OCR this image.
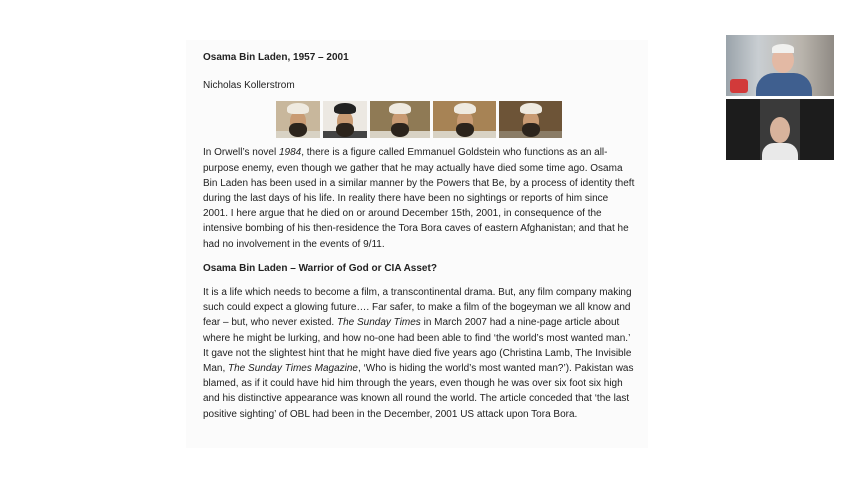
Osama Bin Laden, 1957 – 2001

Nicholas Kollerstrom

In Orwell’s novel 1984, there is a figure called Emmanuel Goldstein who functions as an all-purpose enemy, even though we gather that he may actually have died some time ago. Osama Bin Laden has been used in a similar manner by the Powers that Be, by a process of identity theft during the last days of his life. In reality there have been no sightings or reports of him since 2001. I here argue that he died on or around December 15th, 2001, in consequence of the intensive bombing of his then-residence the Tora Bora caves of eastern Afghanistan; and that he had no involvement in the events of 9/11.

Osama Bin Laden – Warrior of God or CIA Asset?

It is a life which needs to become a film, a transcontinental drama. But, any film company making such could expect a glowing future…. Far safer, to make a film of the bogeyman we all know and fear – but, who never existed. The Sunday Times in March 2007 had a nine-page article about where he might be lurking, and how no-one had been able to find ‘the world’s most wanted man.’ It gave not the slightest hint that he might have died five years ago (Christina Lamb, The Invisible Man, The Sunday Times Magazine, ‘Who is hiding the world’s most wanted man?’). Pakistan was blamed, as if it could have hid him through the years, even though he was over six foot six high and his distinctive appearance was known all round the world. The article conceded that ‘the last positive sighting’ of OBL had been in the December, 2001 US attack upon Tora Bora.
